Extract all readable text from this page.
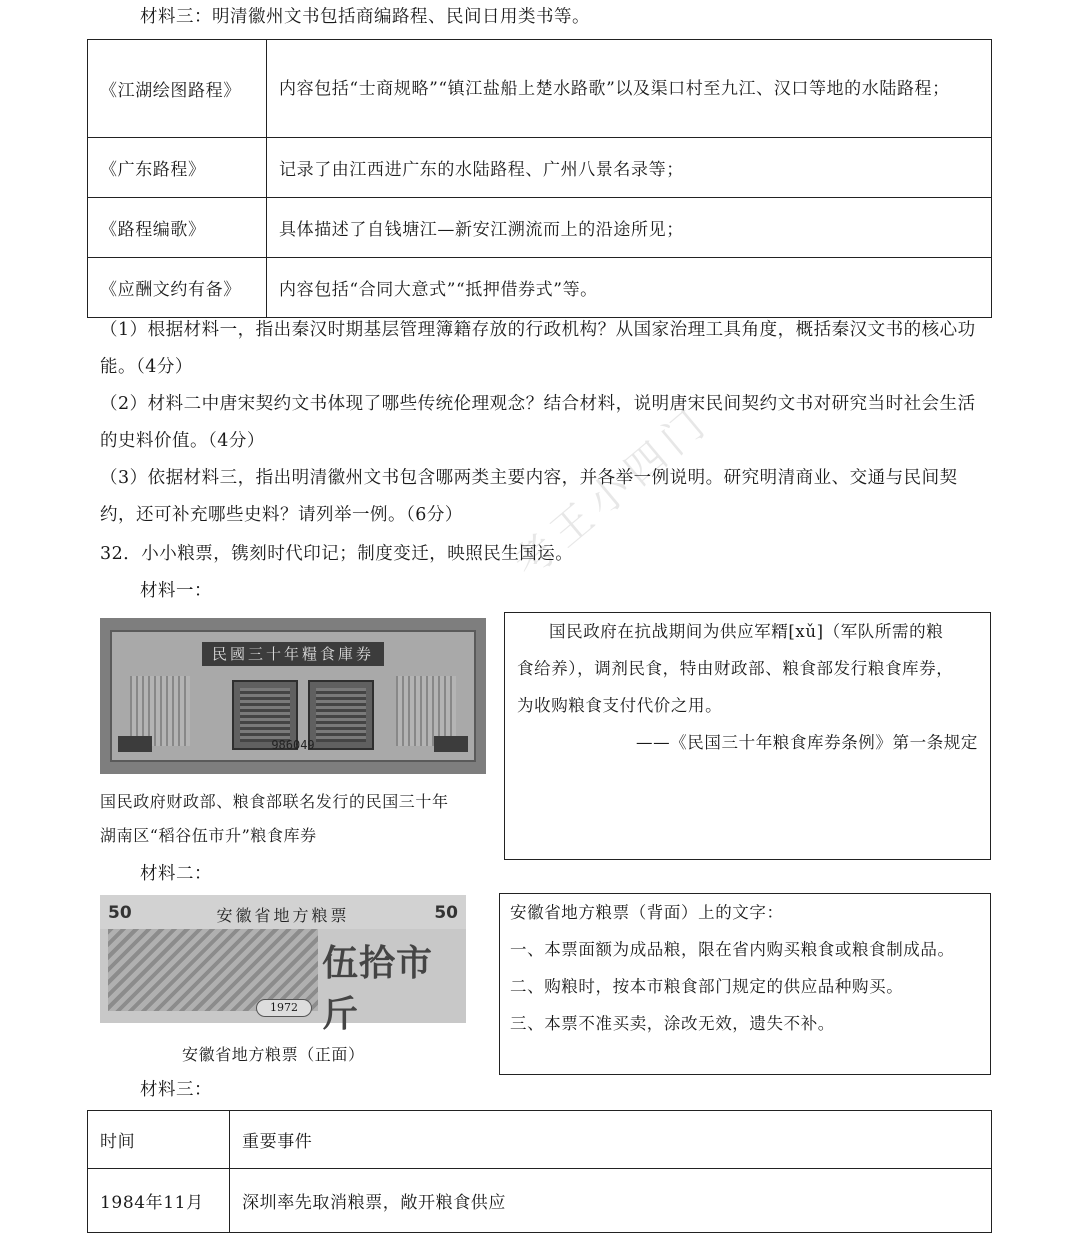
考王小四门
材料三：明清徽州文书包括商编路程、民间日用类书等。
《江湖绘图路程》	内容包括“士商规略”“镇江盐船上楚水路歌”以及渠口村至九江、汉口等地的水陆路程；
《广东路程》	记录了由江西进广东的水陆路程、广州八景名录等；
《路程编歌》	具体描述了自钱塘江—新安江溯流而上的沿途所见；
《应酬文约有备》	内容包括“合同大意式”“抵押借券式”等。
（1）根据材料一，指出秦汉时期基层管理簿籍存放的行政机构？从国家治理工具角度，概括秦汉文书的核心功能。（4分）
（2）材料二中唐宋契约文书体现了哪些传统伦理观念？结合材料，说明唐宋民间契约文书对研究当时社会生活的史料价值。（4分）
（3）依据材料三，指出明清徽州文书包含哪两类主要内容，并各举一例说明。研究明清商业、交通与民间契约，还可补充哪些史料？请列举一例。（6分）
32．小小粮票，镌刻时代印记；制度变迁，映照民生国运。
材料一：
民國三十年糧食庫券
986049
国民政府财政部、粮食部联名发行的民国三十年
湖南区“稻谷伍市升”粮食库券
国民政府在抗战期间为供应军糈[xǔ]（军队所需的粮
食给养），调剂民食，特由财政部、粮食部发行粮食库券，
为收购粮食支付代价之用。
——《民国三十年粮食库券条例》第一条规定
材料二：
50	50
安徽省地方粮票
伍拾市斤
1972
安徽省地方粮票（正面）
安徽省地方粮票（背面）上的文字：
一、本票面额为成品粮，限在省内购买粮食或粮食制成品。
二、购粮时，按本市粮食部门规定的供应品种购买。
三、本票不准买卖，涂改无效，遗失不补。
材料三：
时间	重要事件
1984年11月	深圳率先取消粮票，敞开粮食供应
